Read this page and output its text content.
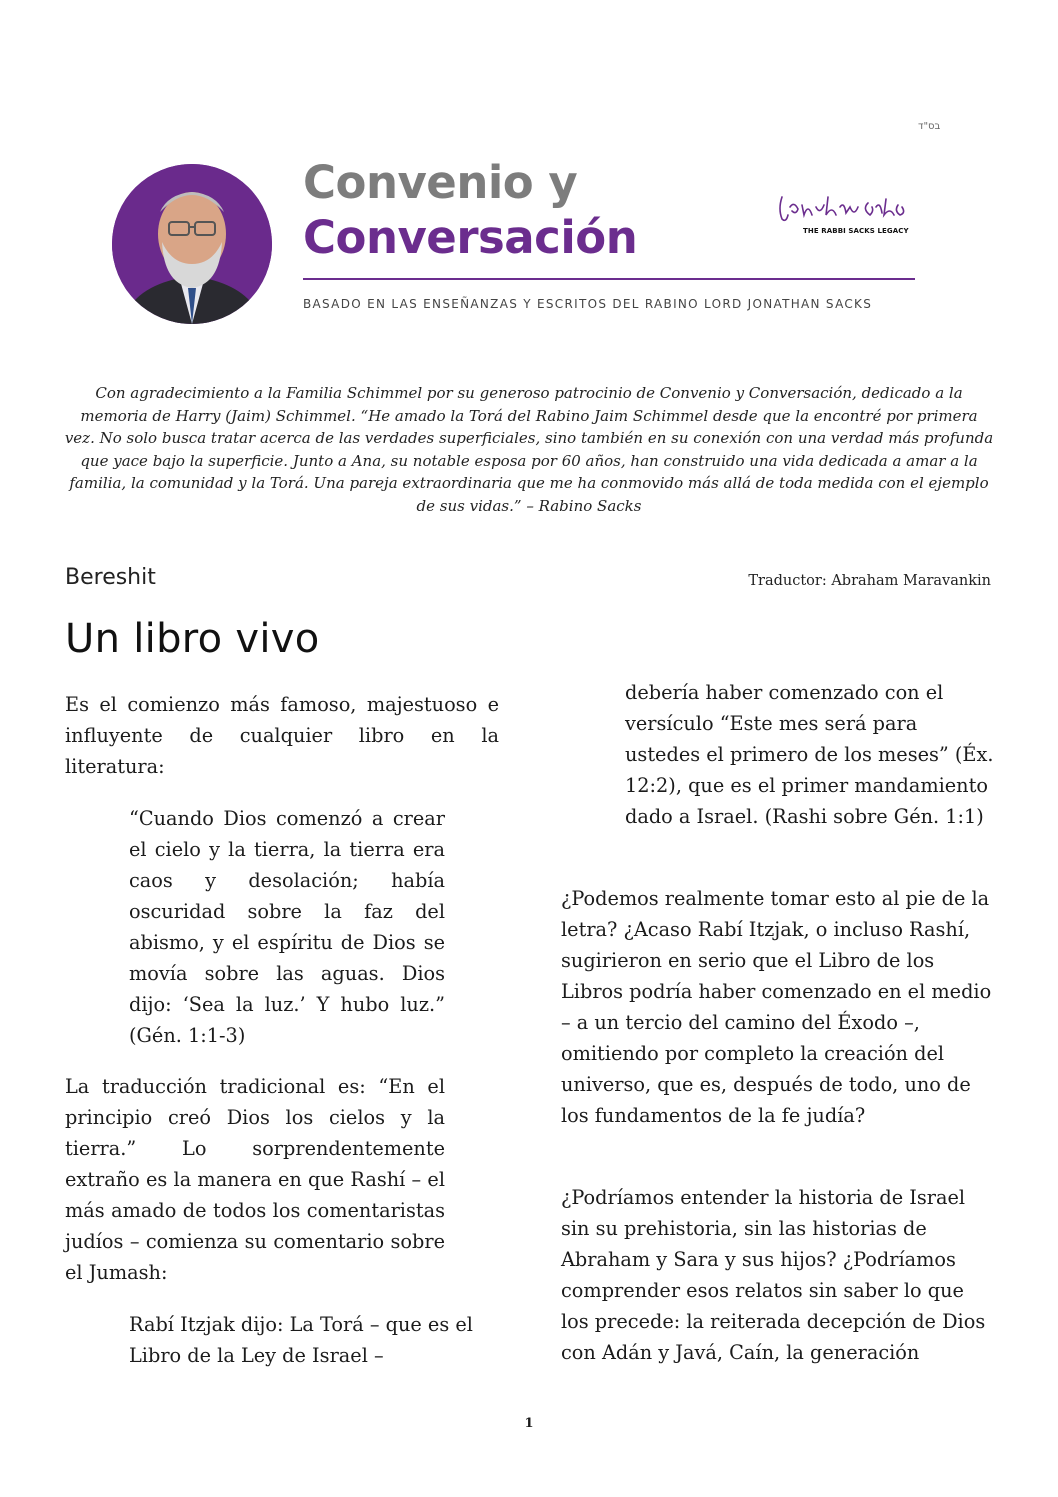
בס"ד
Convenio y
Conversación	THE RABBI SACKS LEGACY
BASADO EN LAS ENSEÑANZAS Y ESCRITOS DEL RABINO LORD JONATHAN SACKS
Con agradecimiento a la Familia Schimmel por su generoso patrocinio de Convenio y Conversación, dedicado a la memoria de Harry (Jaim) Schimmel. “He amado la Torá del Rabino Jaim Schimmel desde que la encontré por primera vez. No solo busca tratar acerca de las verdades superficiales, sino también en su conexión con una verdad más profunda que yace bajo la superficie. Junto a Ana, su notable esposa por 60 años, han construido una vida dedicada a amar a la familia, la comunidad y la Torá. Una pareja extraordinaria que me ha conmovido más allá de toda medida con el ejemplo de sus vidas.” – Rabino Sacks
Bereshit	Traductor: Abraham Maravankin
Un libro vivo
Es el comienzo más famoso, majestuoso e influyente de cualquier libro en la literatura:
“Cuando Dios comenzó a crear el cielo y la tierra, la tierra era caos y desolación; había oscuridad sobre la faz del abismo, y el espíritu de Dios se movía sobre las aguas. Dios dijo: ‘Sea la luz.’ Y hubo luz.” (Gén. 1:1-3)
La traducción tradicional es: “En el principio creó Dios los cielos y la tierra.” Lo sorprendentemente extraño es la manera en que Rashí – el más amado de todos los comentaristas judíos – comienza su comentario sobre el Jumash:
Rabí Itzjak dijo: La Torá – que es el Libro de la Ley de Israel –
debería haber comenzado con el versículo “Este mes será para ustedes el primero de los meses” (Éx. 12:2), que es el primer mandamiento dado a Israel. (Rashi sobre Gén. 1:1)
¿Podemos realmente tomar esto al pie de la letra? ¿Acaso Rabí Itzjak, o incluso Rashí, sugirieron en serio que el Libro de los Libros podría haber comenzado en el medio – a un tercio del camino del Éxodo –, omitiendo por completo la creación del universo, que es, después de todo, uno de los fundamentos de la fe judía?
¿Podríamos entender la historia de Israel sin su prehistoria, sin las historias de Abraham y Sara y sus hijos? ¿Podríamos comprender esos relatos sin saber lo que los precede: la reiterada decepción de Dios con Adán y Javá, Caín, la generación
1
